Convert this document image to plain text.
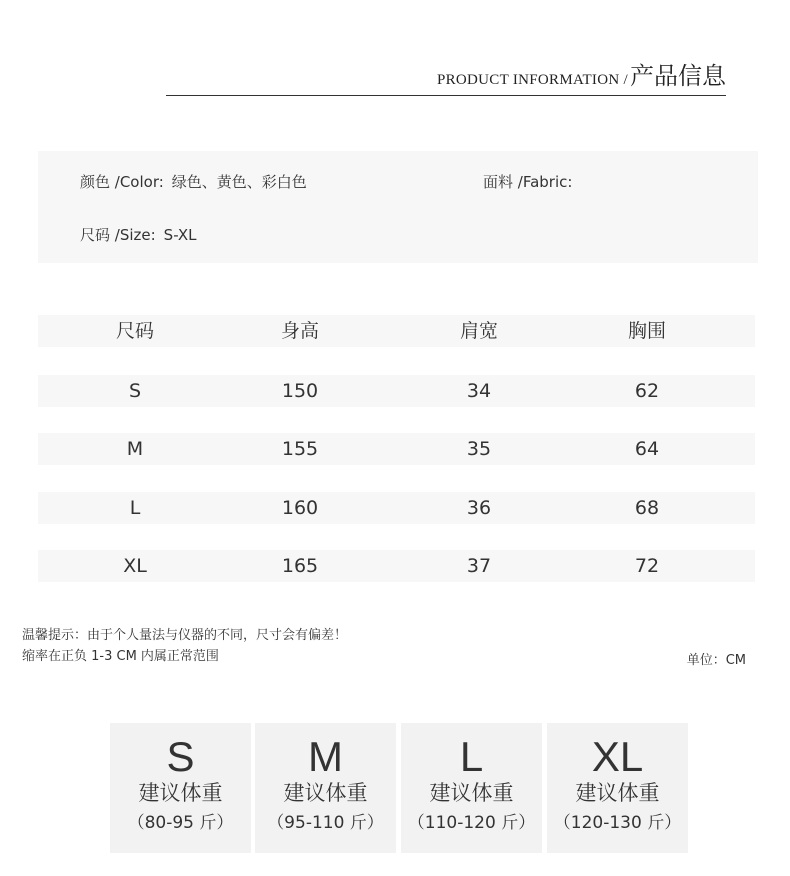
PRODUCT INFORMATION / 产品信息
颜色 /Color: 绿色、黄色、彩白色	面料 /Fabric:
尺码 /Size: S-XL
尺码	身高	肩宽	胸围
S	150	34	62
M	155	35	64
L	160	36	68
XL	165	37	72
温馨提示：由于个人量法与仪器的不同，尺寸会有偏差！
缩率在正负 1-3 CM 内属正常范围	单位：CM
S
建议体重
（80-95 斤）
M
建议体重
（95-110 斤）
L
建议体重
（110-120 斤）
XL
建议体重
（120-130 斤）
